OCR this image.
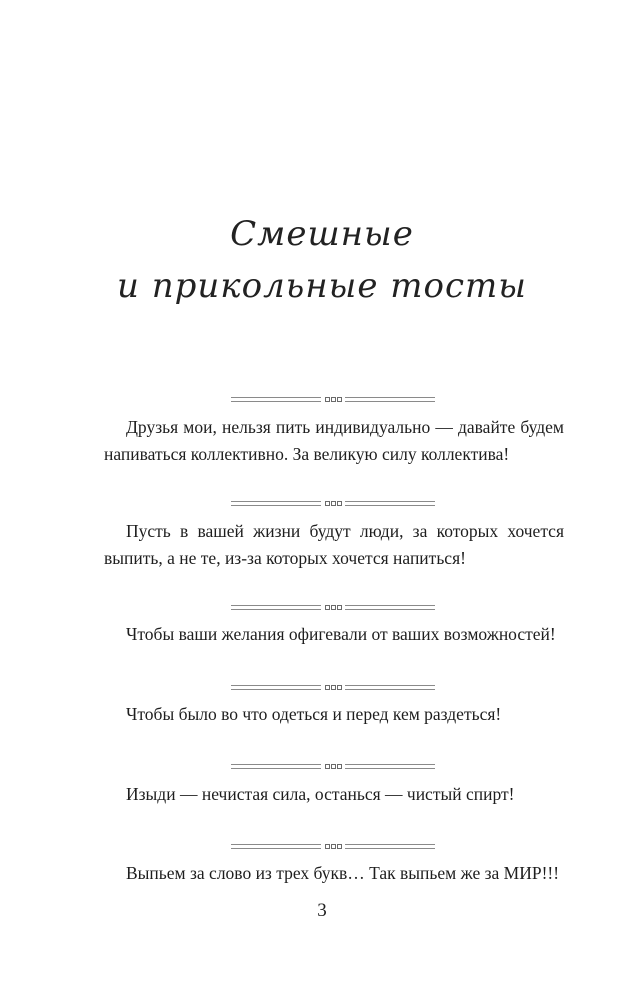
Смешные
и прикольные тосты

Друзья мои, нельзя пить индивидуально — давайте будем напиваться коллективно. За великую силу коллектива!

Пусть в вашей жизни будут люди, за которых хочется выпить, а не те, из-за которых хочется напиться!

Чтобы ваши желания офигевали от ваших возможностей!

Чтобы было во что одеться и перед кем раздеться!

Изыди — нечистая сила, останься — чистый спирт!

Выпьем за слово из трех букв… Так выпьем же за МИР!!!

3
